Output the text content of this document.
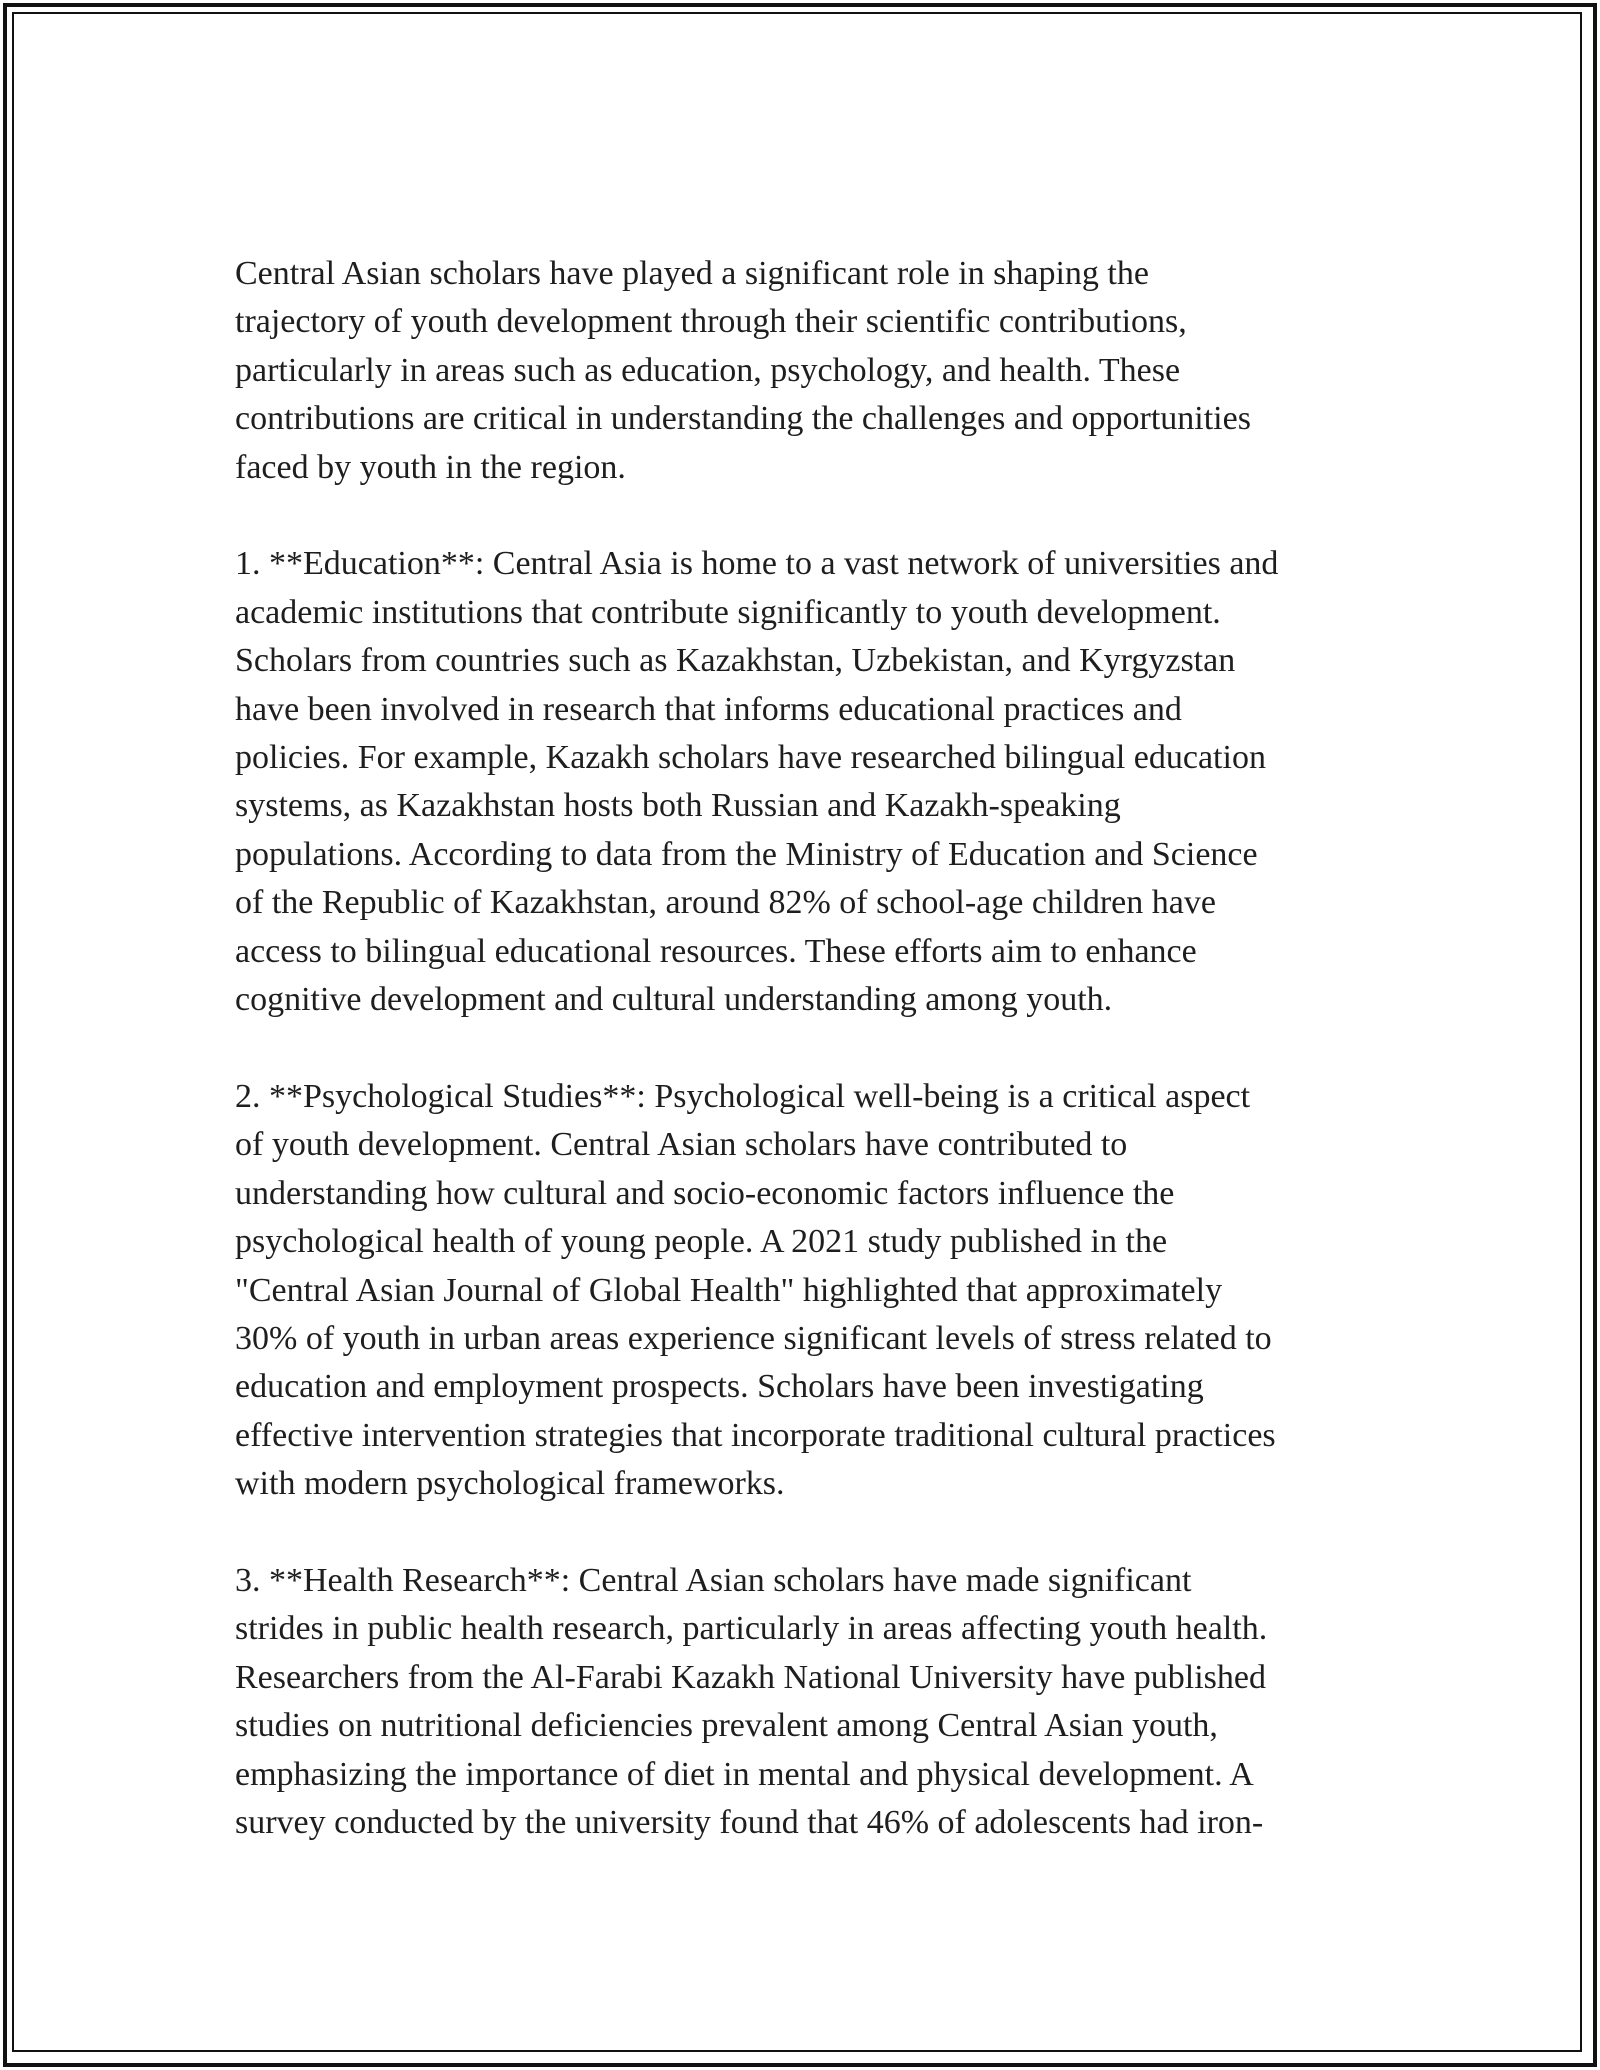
Central Asian scholars have played a significant role in shaping the
trajectory of youth development through their scientific contributions,
particularly in areas such as education, psychology, and health. These
contributions are critical in understanding the challenges and opportunities
faced by youth in the region.

1. **Education**: Central Asia is home to a vast network of universities and
academic institutions that contribute significantly to youth development.
Scholars from countries such as Kazakhstan, Uzbekistan, and Kyrgyzstan
have been involved in research that informs educational practices and
policies. For example, Kazakh scholars have researched bilingual education
systems, as Kazakhstan hosts both Russian and Kazakh-speaking
populations. According to data from the Ministry of Education and Science
of the Republic of Kazakhstan, around 82% of school-age children have
access to bilingual educational resources. These efforts aim to enhance
cognitive development and cultural understanding among youth.

2. **Psychological Studies**: Psychological well-being is a critical aspect
of youth development. Central Asian scholars have contributed to
understanding how cultural and socio-economic factors influence the
psychological health of young people. A 2021 study published in the
"Central Asian Journal of Global Health" highlighted that approximately
30% of youth in urban areas experience significant levels of stress related to
education and employment prospects. Scholars have been investigating
effective intervention strategies that incorporate traditional cultural practices
with modern psychological frameworks.

3. **Health Research**: Central Asian scholars have made significant
strides in public health research, particularly in areas affecting youth health.
Researchers from the Al-Farabi Kazakh National University have published
studies on nutritional deficiencies prevalent among Central Asian youth,
emphasizing the importance of diet in mental and physical development. A
survey conducted by the university found that 46% of adolescents had iron-
